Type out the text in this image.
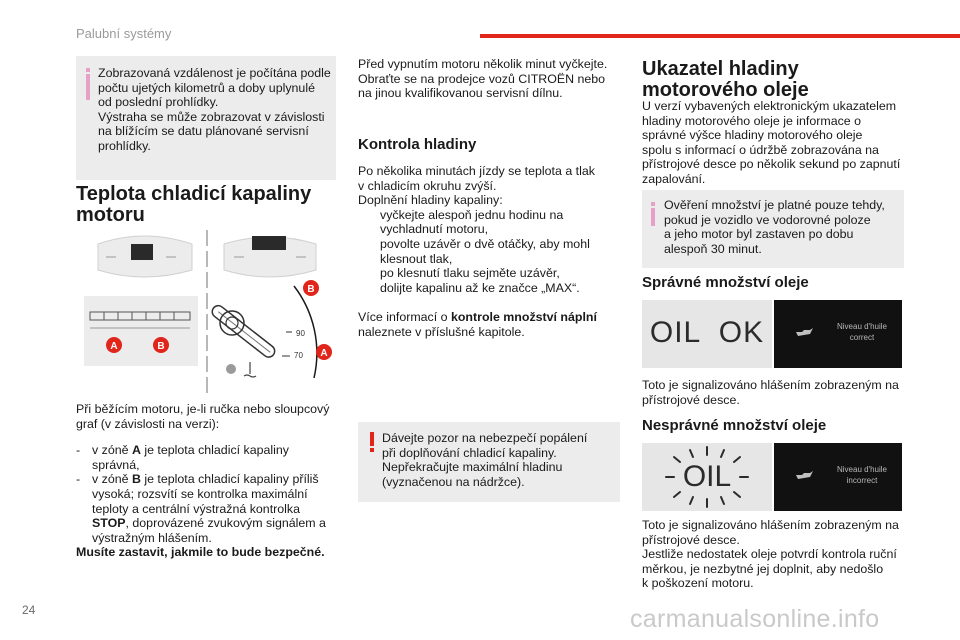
Palubní systémy

Zobrazovaná vzdálenost je počítána podle

počtu ujetých kilometrů a doby uplynulé

od poslední prohlídky.

Výstraha se může zobrazovat v závislosti

na blížícím se datu plánované servisní

prohlídky.

Teplota chladicí kapaliny
motoru
90
70
A	B
B
A

Při běžícím motoru, je-li ručka nebo sloupcový

graf (v závislosti na verzi):

- v zóně A je teplota chladicí kapaliny

správná,

- v zóně B je teplota chladicí kapaliny příliš

vysoká; rozsvítí se kontrolka maximální

teploty a centrální výstražná kontrolka

STOP, doprovázené zvukovým signálem a

výstražným hlášením.

Musíte zastavit, jakmile to bude bezpečné.

Před vypnutím motoru několik minut vyčkejte.

Obraťte se na prodejce vozů CITROËN nebo

na jinou kvalifikovanou servisní dílnu.

Kontrola hladiny

Po několika minutách jízdy se teplota a tlak

v chladicím okruhu zvýší.

Doplnění hladiny kapaliny:

vyčkejte alespoň jednu hodinu na

vychladnutí motoru,

povolte uzávěr o dvě otáčky, aby mohl

klesnout tlak,

po klesnutí tlaku sejměte uzávěr,

dolijte kapalinu až ke značce „MAX“.

Více informací o kontrole množství náplní

naleznete v příslušné kapitole.

Dávejte pozor na nebezpečí popálení

při doplňování chladicí kapaliny.

Nepřekračujte maximální hladinu

(vyznačenou na nádržce).

Ukazatel hladiny
motorového oleje

U verzí vybavených elektronickým ukazatelem

hladiny motorového oleje je informace o

správné výšce hladiny motorového oleje

spolu s informací o údržbě zobrazována na

přístrojové desce po několik sekund po zapnutí

zapalování.

Ověření množství je platné pouze tehdy,

pokud je vozidlo ve vodorovné poloze

a jeho motor byl zastaven po dobu

alespoň 30 minut.

Správné množství oleje
OIL  OK	Niveau d'huile
correct

Toto je signalizováno hlášením zobrazeným na

přístrojové desce.

Nesprávné množství oleje
OIL	Niveau d'huile
incorrect

Toto je signalizováno hlášením zobrazeným na

přístrojové desce.

Jestliže nedostatek oleje potvrdí kontrola ruční

měrkou, je nezbytné jej doplnit, aby nedošlo

k poškození motoru.

24	carmanualsonline.info
